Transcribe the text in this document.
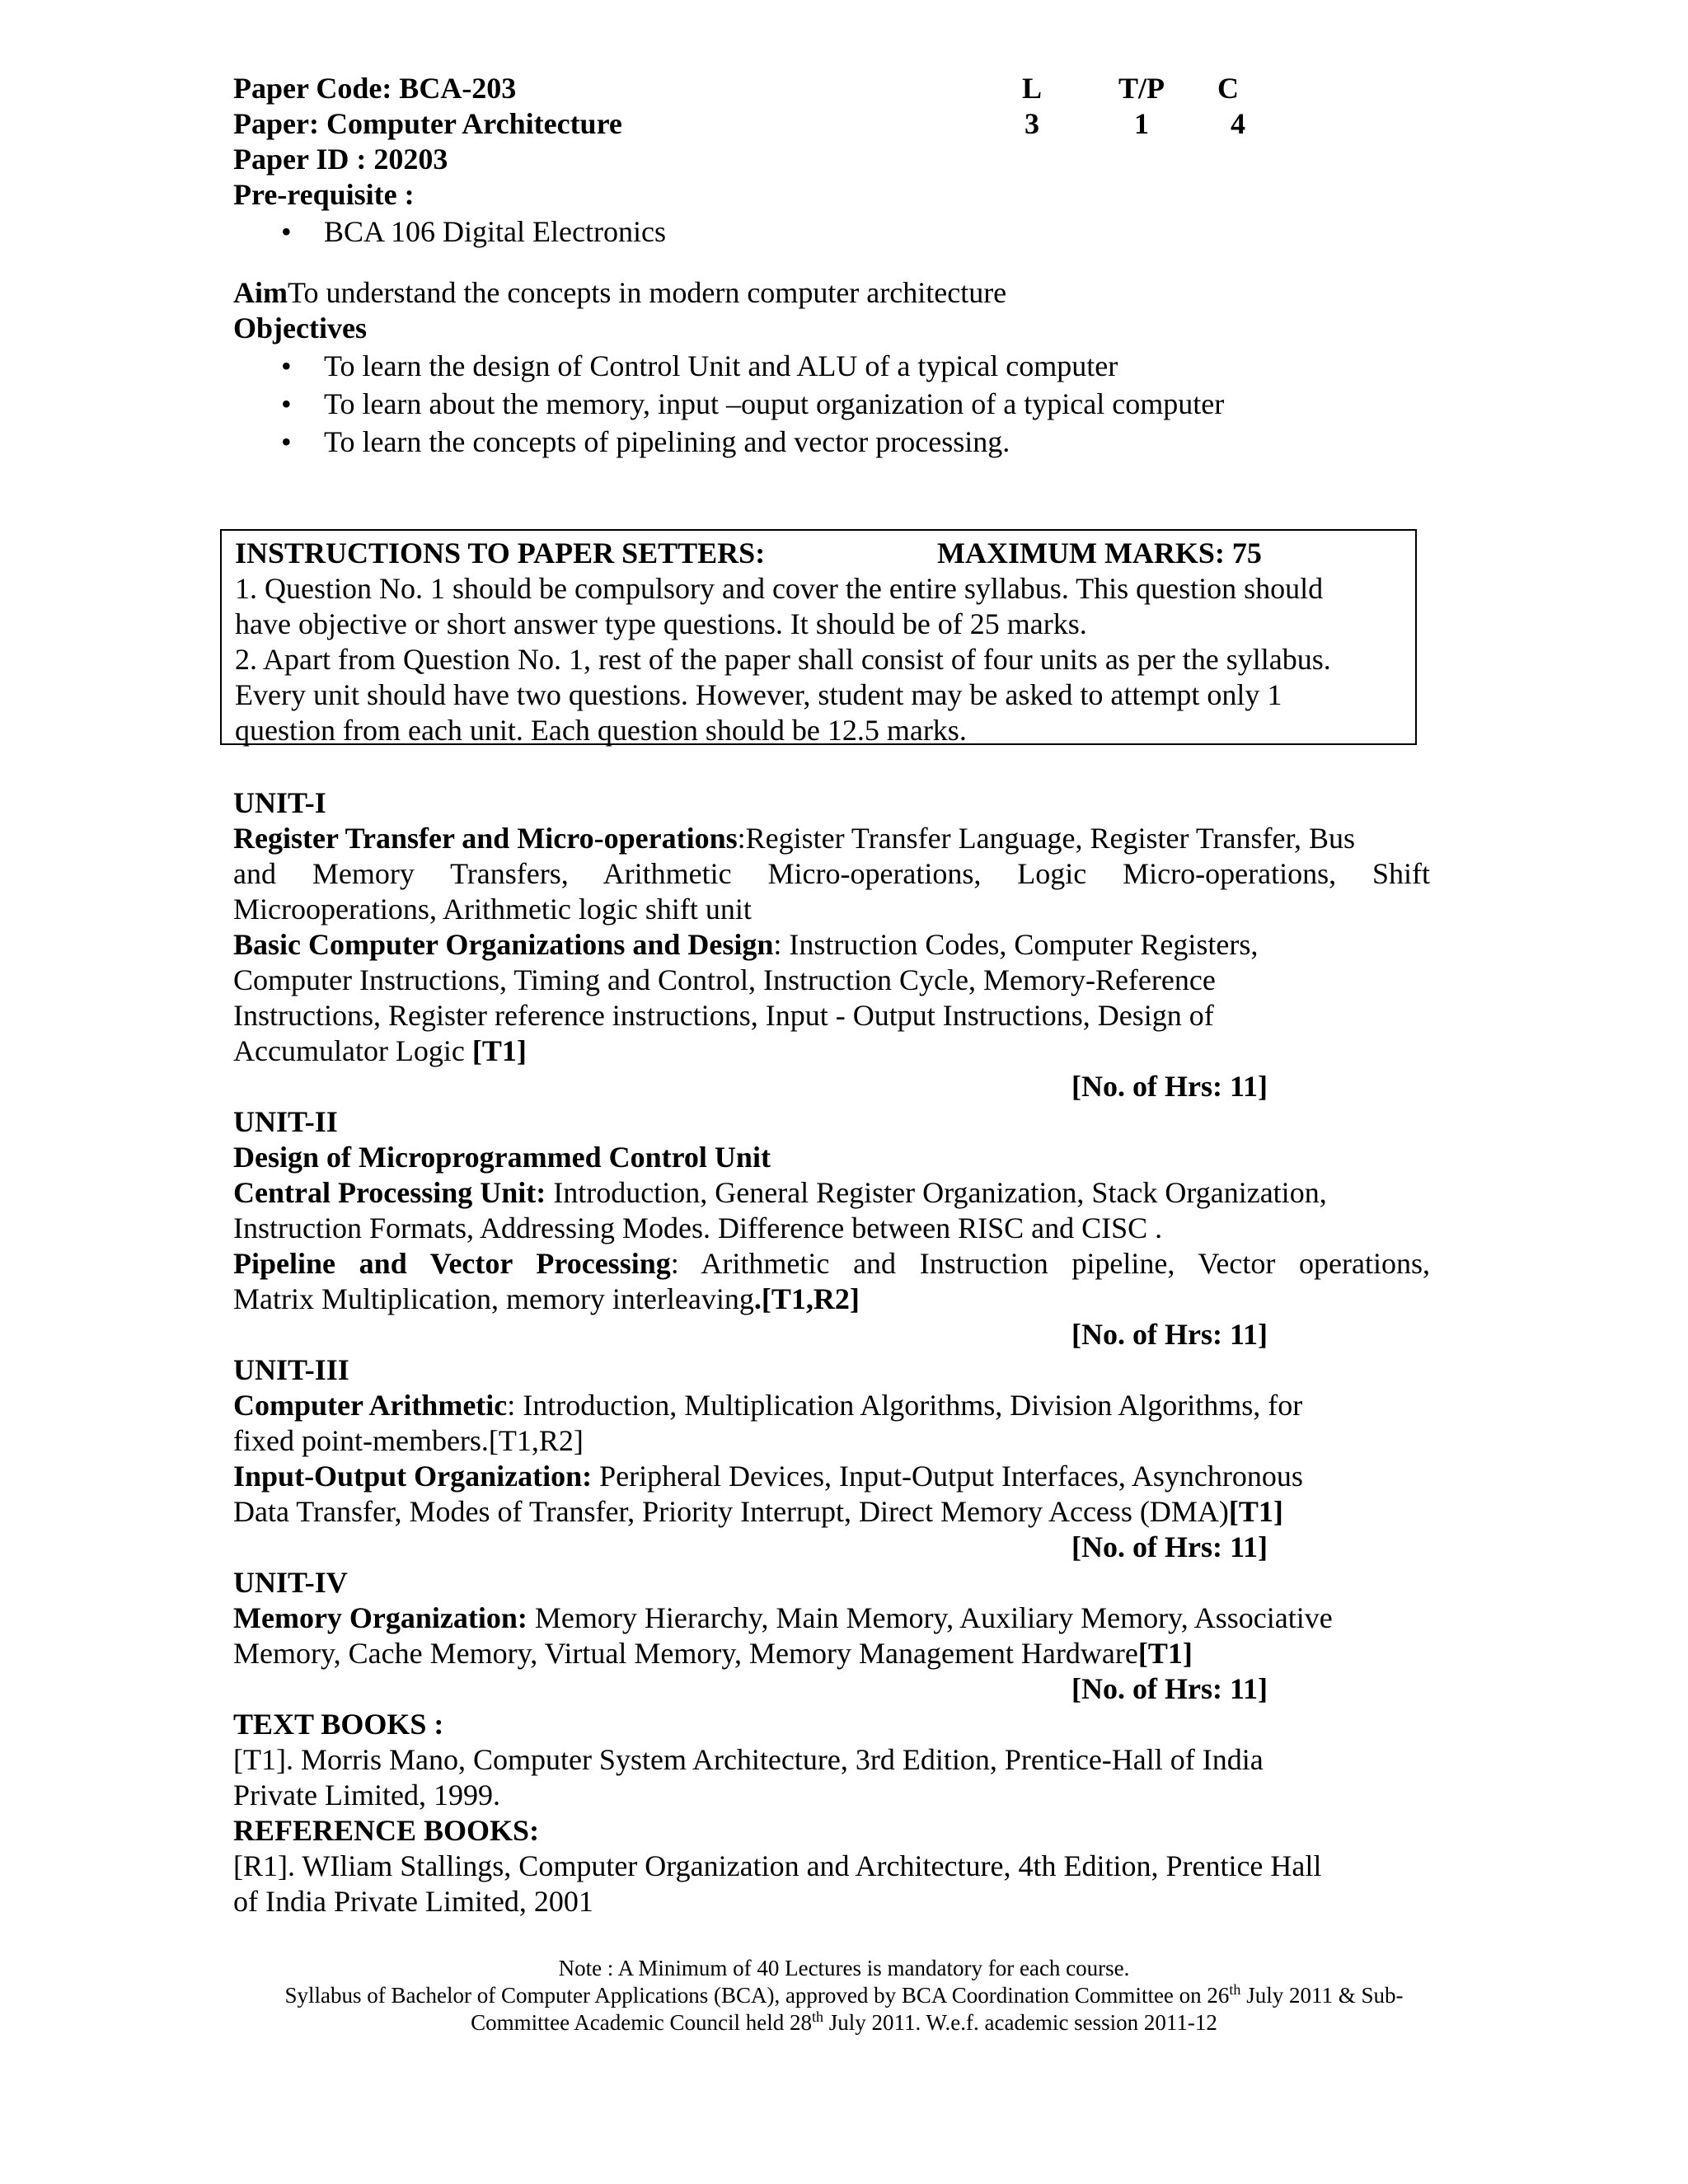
Paper Code: BCA-203
Paper: Computer Architecture
Paper ID : 20203
Pre-requisite :
L	T/P	C
3	1	4
• BCA 106 Digital Electronics
AimTo understand the concepts in modern computer architecture
Objectives
• To learn the design of Control Unit and ALU of a typical computer
• To learn about the memory, input –ouput organization of a typical computer
• To learn the concepts of pipelining and vector processing.
INSTRUCTIONS TO PAPER SETTERS:	MAXIMUM MARKS: 75
1. Question No. 1 should be compulsory and cover the entire syllabus. This question should
have objective or short answer type questions. It should be of 25 marks.
2. Apart from Question No. 1, rest of the paper shall consist of four units as per the syllabus.
Every unit should have two questions. However, student may be asked to attempt only 1
question from each unit. Each question should be 12.5 marks.
UNIT-I
Register Transfer and Micro-operations:Register Transfer Language, Register Transfer, Bus
and Memory Transfers, Arithmetic Micro-operations, Logic Micro-operations, Shift
Microoperations, Arithmetic logic shift unit
Basic Computer Organizations and Design: Instruction Codes, Computer Registers,
Computer Instructions, Timing and Control, Instruction Cycle, Memory-Reference
Instructions, Register reference instructions, Input - Output Instructions, Design of
Accumulator Logic [T1]
[No. of Hrs: 11]
UNIT-II
Design of Microprogrammed Control Unit
Central Processing Unit: Introduction, General Register Organization, Stack Organization,
Instruction Formats, Addressing Modes. Difference between RISC and CISC .
Pipeline and Vector Processing: Arithmetic and Instruction pipeline, Vector operations,
Matrix Multiplication, memory interleaving.[T1,R2]
[No. of Hrs: 11]
UNIT-III
Computer Arithmetic: Introduction, Multiplication Algorithms, Division Algorithms, for
fixed point-members.[T1,R2]
Input-Output Organization: Peripheral Devices, Input-Output Interfaces, Asynchronous
Data Transfer, Modes of Transfer, Priority Interrupt, Direct Memory Access (DMA)[T1]
[No. of Hrs: 11]
UNIT-IV
Memory Organization: Memory Hierarchy, Main Memory, Auxiliary Memory, Associative
Memory, Cache Memory, Virtual Memory, Memory Management Hardware[T1]
[No. of Hrs: 11]
TEXT BOOKS :
[T1]. Morris Mano, Computer System Architecture, 3rd Edition, Prentice-Hall of India
Private Limited, 1999.
REFERENCE BOOKS:
[R1]. WIliam Stallings, Computer Organization and Architecture, 4th Edition, Prentice Hall
of India Private Limited, 2001
Note : A Minimum of 40 Lectures is mandatory for each course.
Syllabus of Bachelor of Computer Applications (BCA), approved by BCA Coordination Committee on 26th July 2011 & Sub-
Committee Academic Council held 28th July 2011. W.e.f. academic session 2011-12
